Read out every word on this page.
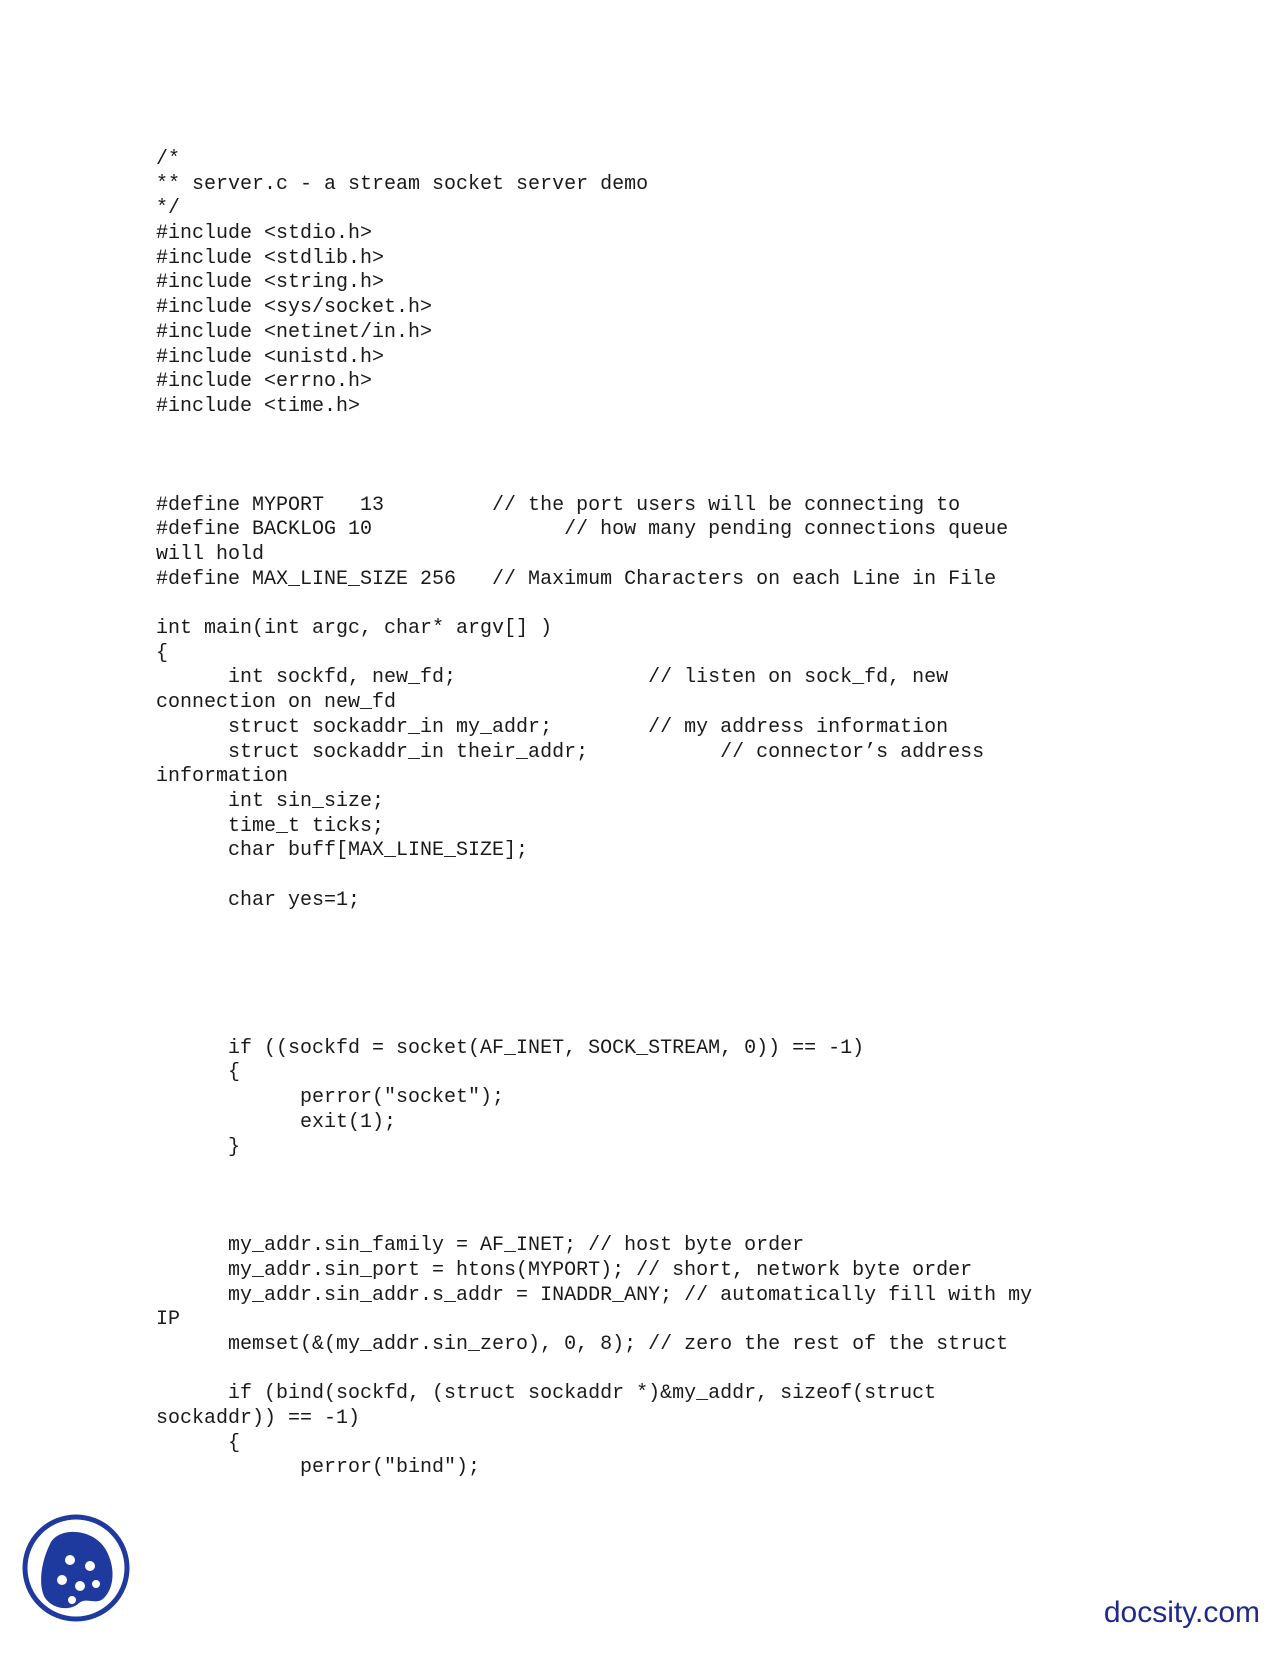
/*
** server.c - a stream socket server demo
*/
#include <stdio.h>
#include <stdlib.h>
#include <string.h>
#include <sys/socket.h>
#include <netinet/in.h>
#include <unistd.h>
#include <errno.h>
#include <time.h>
#define MYPORT   13         // the port users will be connecting to
#define BACKLOG 10                // how many pending connections queue
will hold
#define MAX_LINE_SIZE 256   // Maximum Characters on each Line in File
int main(int argc, char* argv[] )
{
int sockfd, new_fd;                // listen on sock_fd, new
connection on new_fd
struct sockaddr_in my_addr;        // my address information
struct sockaddr_in their_addr;           // connector’s address
information
int sin_size;
time_t ticks;
char buff[MAX_LINE_SIZE];
char yes=1;
if ((sockfd = socket(AF_INET, SOCK_STREAM, 0)) == -1)
{
perror("socket");
exit(1);
}
my_addr.sin_family = AF_INET; // host byte order
my_addr.sin_port = htons(MYPORT); // short, network byte order
my_addr.sin_addr.s_addr = INADDR_ANY; // automatically fill with my
IP
memset(&(my_addr.sin_zero), 0, 8); // zero the rest of the struct
if (bind(sockfd, (struct sockaddr *)&my_addr, sizeof(struct
sockaddr)) == -1)
{
perror("bind");
docsity.com
